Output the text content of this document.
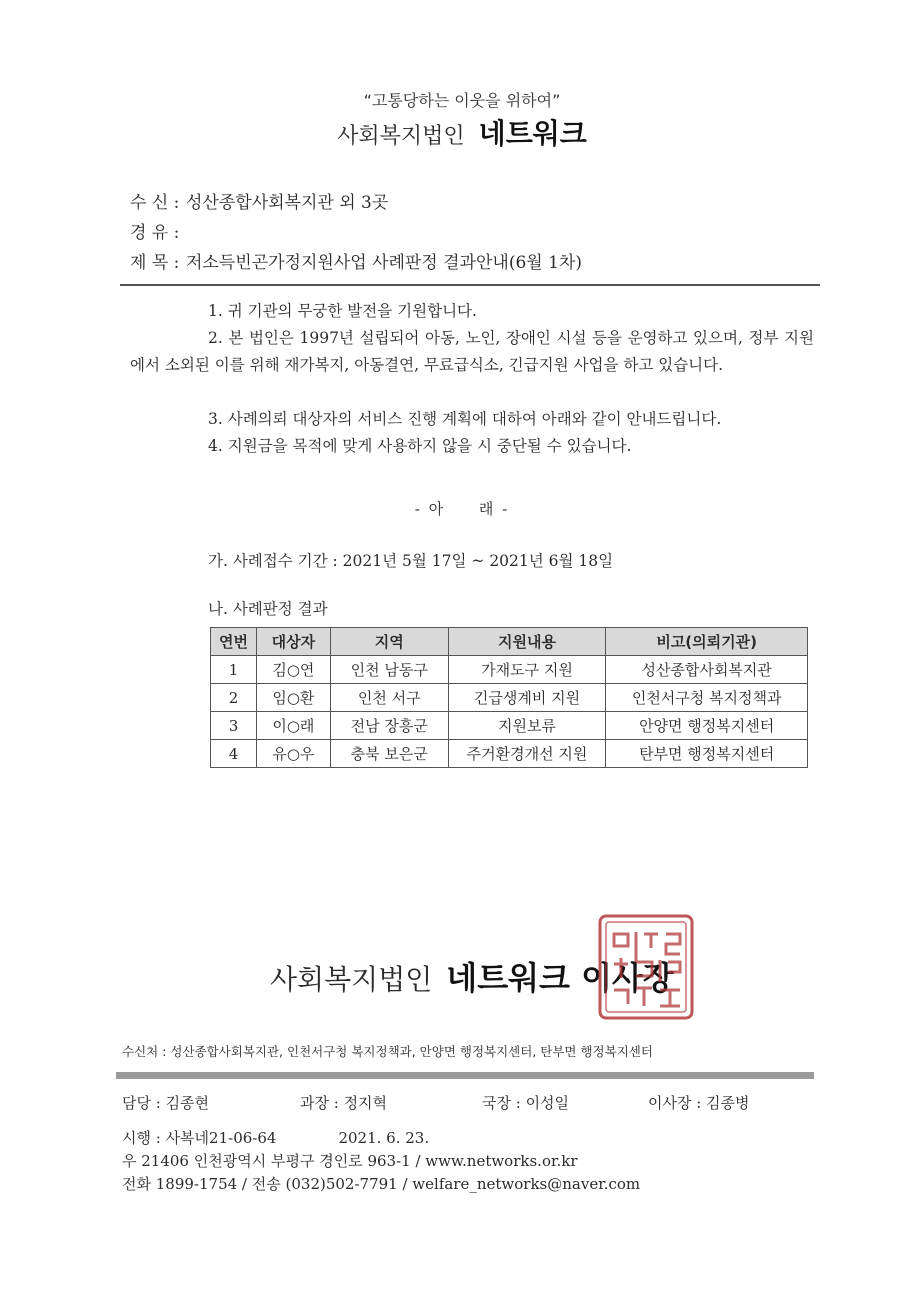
“고통당하는 이웃을 위하여”
사회복지법인 네트워크
수 신 : 성산종합사회복지관 외 3곳
경 유 :
제 목 : 저소득빈곤가정지원사업 사례판정 결과안내(6월 1차)
1. 귀 기관의 무궁한 발전을 기원합니다.
2. 본 법인은 1997년 설립되어 아동, 노인, 장애인 시설 등을 운영하고 있으며, 정부 지원에서 소외된 이를 위해 재가복지, 아동결연, 무료급식소, 긴급지원 사업을 하고 있습니다.
3. 사례의뢰 대상자의 서비스 진행 계획에 대하여 아래와 같이 안내드립니다.
4. 지원금을 목적에 맞게 사용하지 않을 시 중단될 수 있습니다.
- 아     래 -
가. 사례접수 기간 : 2021년 5월 17일 ~ 2021년 6월 18일
나. 사례판정 결과
연번	대상자	지역	지원내용	비고(의뢰기관)
1	김○연	인천 남동구	가재도구 지원	성산종합사회복지관
2	임○환	인천 서구	긴급생계비 지원	인천서구청 복지정책과
3	이○래	전남 장흥군	지원보류	안양면 행정복지센터
4	유○우	충북 보은군	주거환경개선 지원	탄부면 행정복지센터
사회복지법인 네트워크 이사장
수신처 : 성산종합사회복지관, 인천서구청 복지정책과, 안양면 행정복지센터, 탄부면 행정복지센터
담당 : 김종현	과장 : 정지혁	국장 : 이성일	이사장 : 김종병
시행 : 사복네21-06-64	2021. 6. 23.
우 21406 인천광역시 부평구 경인로 963-1 / www.networks.or.kr
전화 1899-1754 / 전송 (032)502-7791 / welfare_networks@naver.com
